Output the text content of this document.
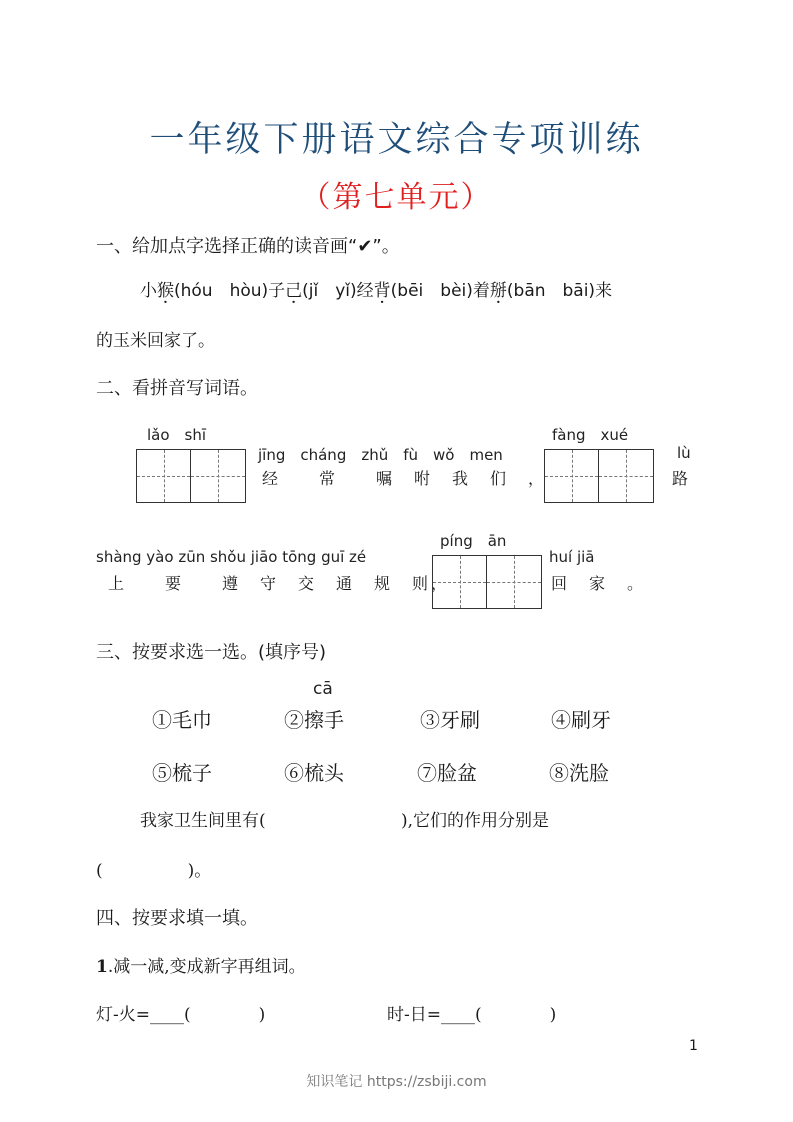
一年级下册语文综合专项训练
（第七单元）
一、给加点字选择正确的读音画“✔”。
小猴(hóu　hòu)子己(jǐ　yǐ)经背(bēi　bèi)着掰(bān　bāi)来
的玉米回家了。
二、看拼音写词语。
lǎo　shī
jīng　cháng　zhǔ　fù　wǒ　men
经　　常　　嘱　咐　我　们　，
fàng　xué
lù
路
shàng yào zūn shǒu jiāo tōng guī zé
上　　要　　遵　守　交　通　规　则，
píng　ān
huí jiā
回　家　。
三、按要求选一选。(填序号)
cā
①毛巾	②擦手	③牙刷	④刷牙
⑤梳子	⑥梳头	⑦脸盆	⑧洗脸
我家卫生间里有(	),它们的作用分别是
(　　　　　)。
四、按要求填一填。
1.减一减,变成新字再组词。
灯-火=____(　　　　)	时-日=____(　　　　)
1
知识笔记 https://zsbiji.com
